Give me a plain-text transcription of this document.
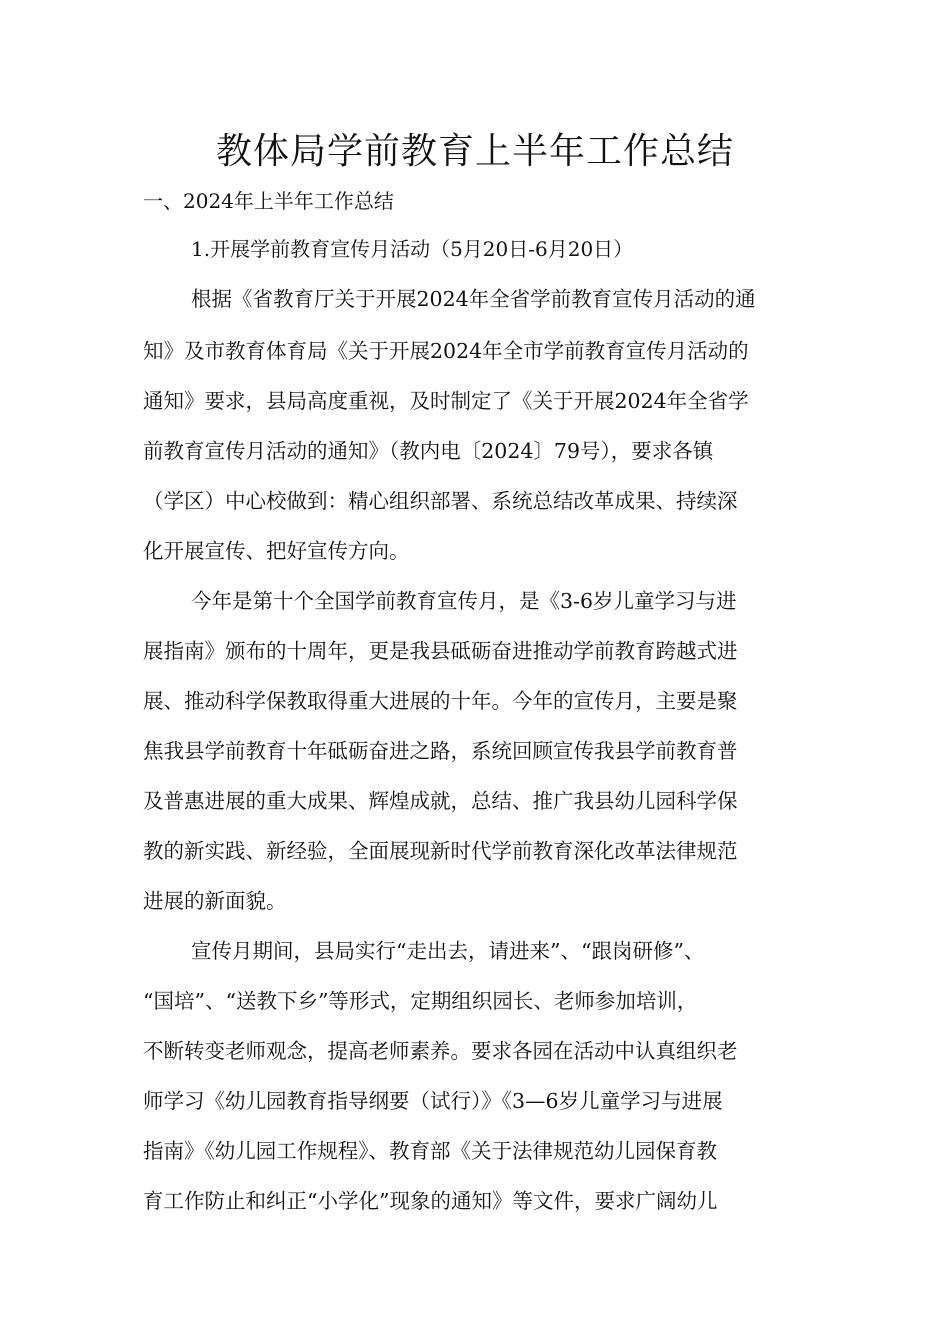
教体局学前教育上半年工作总结

一、2024年上半年工作总结

1.开展学前教育宣传月活动（5月20日-6月20日）

根据《省教育厅关于开展2024年全省学前教育宣传月活动的通
知》及市教育体育局《关于开展2024年全市学前教育宣传月活动的
通知》要求，县局高度重视，及时制定了《关于开展2024年全省学
前教育宣传月活动的通知》（教内电〔2024〕79号），要求各镇
（学区）中心校做到：精心组织部署、系统总结改革成果、持续深
化开展宣传、把好宣传方向。
今年是第十个全国学前教育宣传月，是《3-6岁儿童学习与进
展指南》颁布的十周年，更是我县砥砺奋进推动学前教育跨越式进
展、推动科学保教取得重大进展的十年。今年的宣传月，主要是聚
焦我县学前教育十年砥砺奋进之路，系统回顾宣传我县学前教育普
及普惠进展的重大成果、辉煌成就，总结、推广我县幼儿园科学保
教的新实践、新经验，全面展现新时代学前教育深化改革法律规范
进展的新面貌。
宣传月期间，县局实行“走出去，请进来”、“跟岗研修”、
“国培”、“送教下乡”等形式，定期组织园长、老师参加培训，
不断转变老师观念，提高老师素养。要求各园在活动中认真组织老
师学习《幼儿园教育指导纲要（试行）》《3—6岁儿童学习与进展
指南》《幼儿园工作规程》、教育部《关于法律规范幼儿园保育教
育工作防止和纠正“小学化”现象的通知》等文件，要求广阔幼儿
